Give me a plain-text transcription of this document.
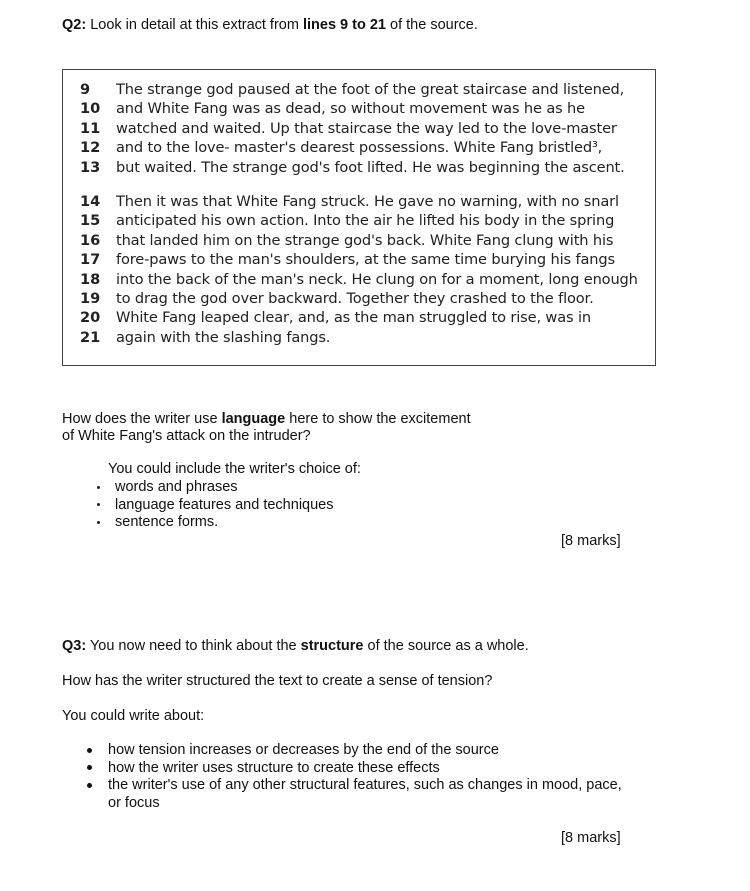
Q2: Look in detail at this extract from lines 9 to 21 of the source.
9	The strange god paused at the foot of the great staircase and listened,
10 and White Fang was as dead, so without movement was he as he
11 watched and waited. Up that staircase the way led to the love-master
12 and to the love- master's dearest possessions. White Fang bristled³,
13 but waited. The strange god's foot lifted. He was beginning the ascent.
14 Then it was that White Fang struck. He gave no warning, with no snarl
15 anticipated his own action. Into the air he lifted his body in the spring
16 that landed him on the strange god's back. White Fang clung with his
17 fore-paws to the man's shoulders, at the same time burying his fangs
18 into the back of the man's neck. He clung on for a moment, long enough
19 to drag the god over backward. Together they crashed to the floor.
20 White Fang leaped clear, and, as the man struggled to rise, was in
21 again with the slashing fangs.
How does the writer use language here to show the excitement
of White Fang's attack on the intruder?
You could include the writer's choice of:
words and phrases
language features and techniques
sentence forms.
[8 marks]
Q3: You now need to think about the structure of the source as a whole.
How has the writer structured the text to create a sense of tension?
You could write about:
how tension increases or decreases by the end of the source
how the writer uses structure to create these effects
the writer's use of any other structural features, such as changes in mood, pace,
or focus
[8 marks]
